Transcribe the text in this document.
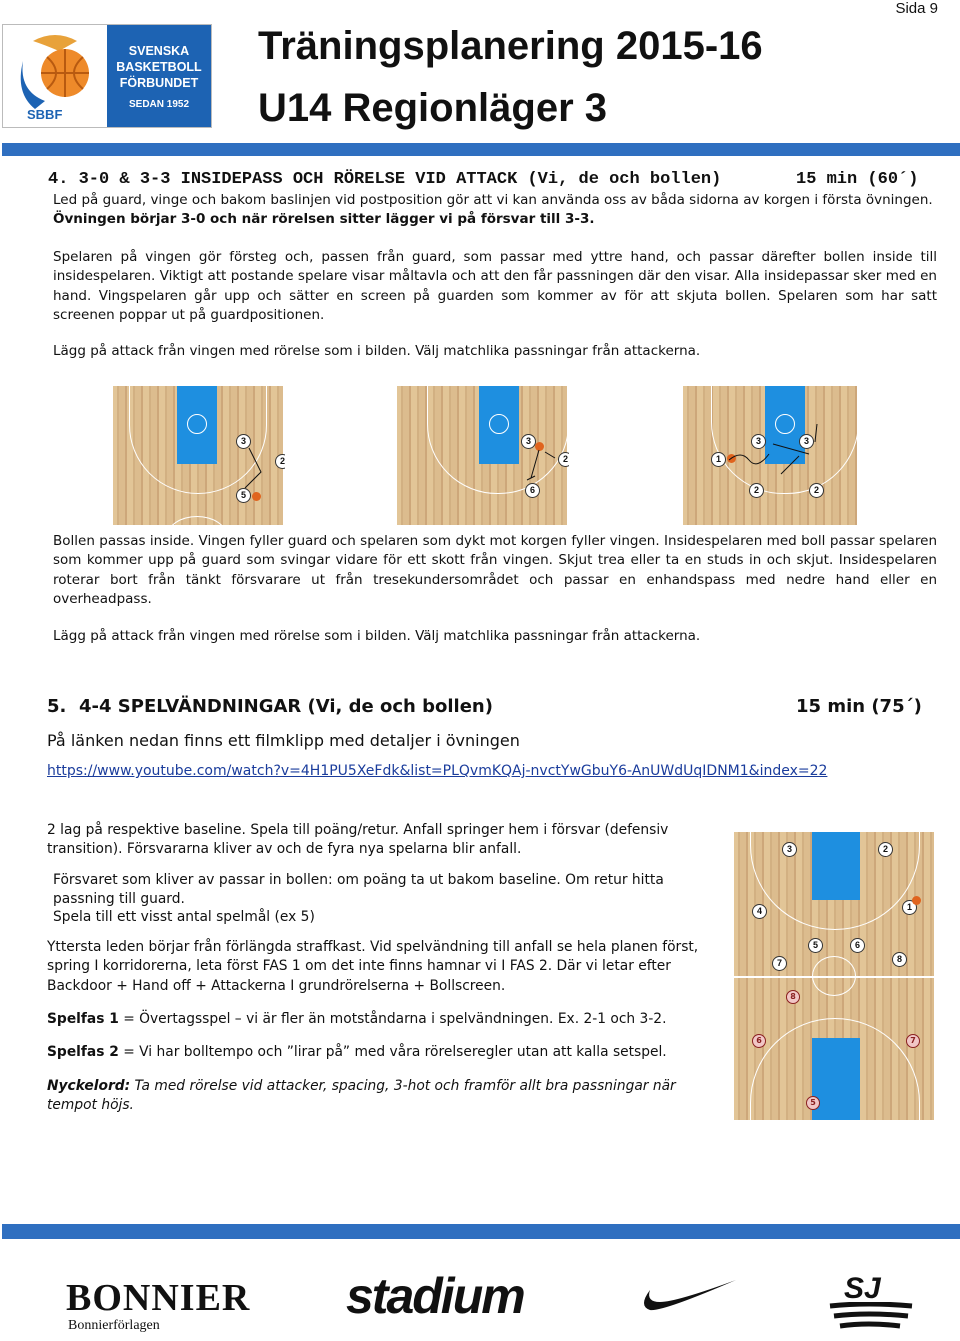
Sida 9
SBBF
SVENSKA
BASKETBOLL
FÖRBUNDET
SEDAN 1952
Träningsplanering 2015-16
U14 Regionläger 3
4. 3-0 & 3-3 INSIDEPASS OCH RÖRELSE VID ATTACK (Vi, de och bollen)	15 min (60´)
Led på guard, vinge och bakom baslinjen vid postposition gör att vi kan använda oss av båda sidorna av korgen i första övningen. Övningen börjar 3-0 och när rörelsen sitter lägger vi på försvar till 3-3.
Spelaren på vingen gör försteg och, passen från guard, som passar med yttre hand, och passar därefter bollen inside till insidespelaren. Viktigt att postande spelare visar måltavla och att den får passningen där den visar. Alla insidepassar sker med en hand. Vingspelaren går upp och sätter en screen på guarden som kommer av för att skjuta bollen. Spelaren som har satt screenen poppar ut på guardpositionen.
Lägg på attack från vingen med rörelse som i bilden. Välj matchlika passningar från attackerna.
3
2
5
3
2
6
3	3
1
2	2
Bollen passas inside. Vingen fyller guard och spelaren som dykt mot korgen fyller vingen. Insidespelaren med boll passar spelaren som kommer upp på guard som svingar vidare för ett skott från vingen. Skjut trea eller ta en studs in och skjut. Insidespelaren roterar bort från tänkt försvarare ut från tresekundersområdet och passar en enhandspass med nedre hand eller en overheadpass.
Lägg på attack från vingen med rörelse som i bilden. Välj matchlika passningar från attackerna.
5. 4-4 SPELVÄNDNINGAR (Vi, de och bollen)	15 min (75´)
På länken nedan finns ett filmklipp med detaljer i övningen
https://www.youtube.com/watch?v=4H1PU5XeFdk&list=PLQvmKQAj-nvctYwGbuY6-AnUWdUqIDNM1&index=22
2 lag på respektive baseline. Spela till poäng/retur. Anfall springer hem i försvar (defensiv transition). Försvararna kliver av och de fyra nya spelarna blir anfall.
Försvaret som kliver av passar in bollen: om poäng ta ut bakom baseline. Om retur hitta passning till guard.
Spela till ett visst antal spelmål (ex 5)
Yttersta leden börjar från förlängda straffkast. Vid spelvändning till anfall se hela planen först, spring I korridorerna, leta först FAS 1 om det inte finns hamnar vi I FAS 2. Där vi letar efter Backdoor + Hand off + Attackerna I grundrörelserna + Bollscreen.
Spelfas 1 = Övertagsspel – vi är fler än motståndarna i spelvändningen. Ex. 2-1 och 3-2.
Spelfas 2 = Vi har bolltempo och ”lirar på” med våra rörelseregler utan att kalla setspel.
Nyckelord: Ta med rörelse vid attacker, spacing, 3-hot och framför allt bra passningar när tempot höjs.
3	2
4	1
5	6
7	8
8
6	7
5
BONNIER
Bonnierförlagen
stadium	SJ
